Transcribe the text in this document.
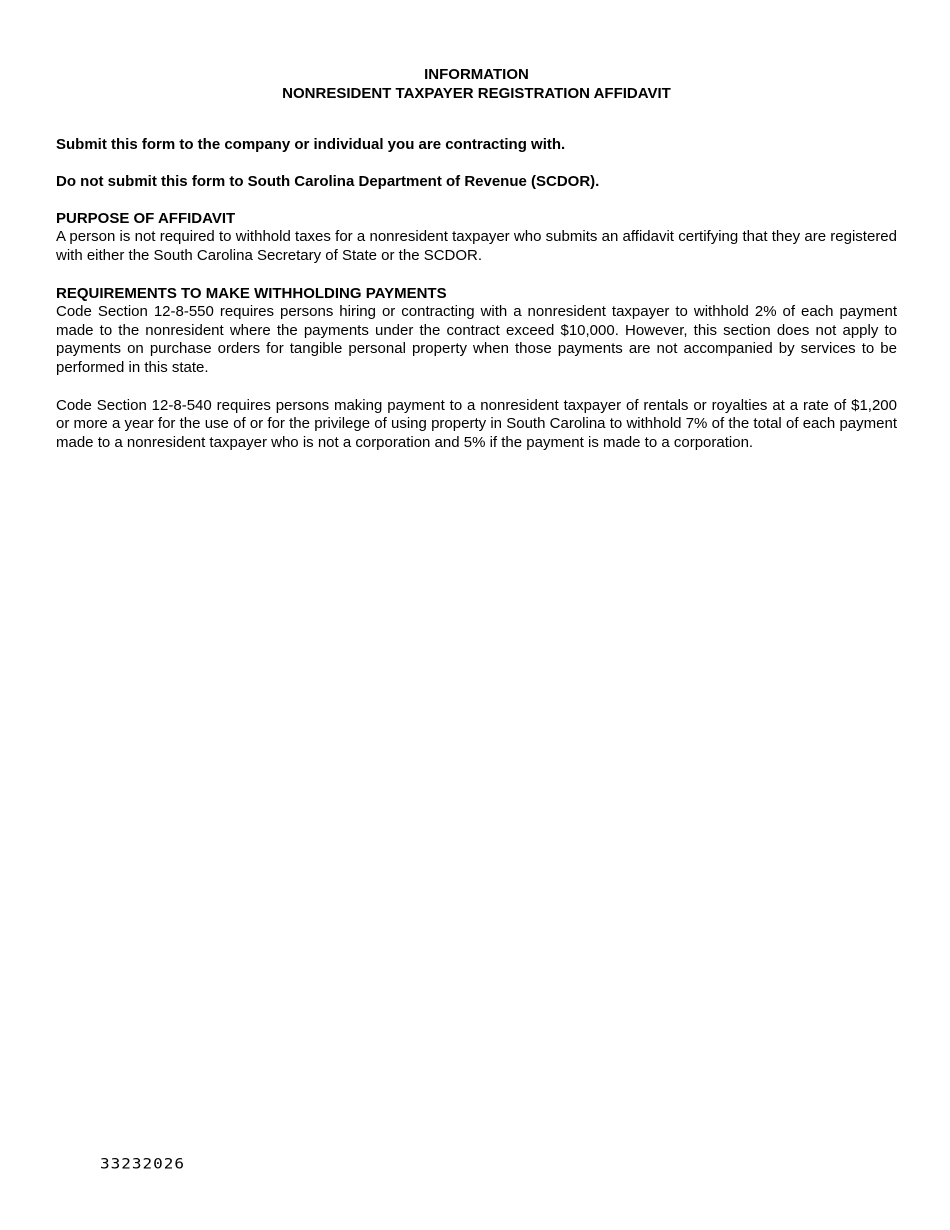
INFORMATION
NONRESIDENT TAXPAYER REGISTRATION AFFIDAVIT
Submit this form to the company or individual you are contracting with.
Do not submit this form to South Carolina Department of Revenue (SCDOR).
PURPOSE OF AFFIDAVIT
A person is not required to withhold taxes for a nonresident taxpayer who submits an affidavit certifying that they are registered with either the South Carolina Secretary of State or the SCDOR.
REQUIREMENTS TO MAKE WITHHOLDING PAYMENTS
Code Section 12-8-550 requires persons hiring or contracting with a nonresident taxpayer to withhold 2% of each payment made to the nonresident where the payments under the contract exceed $10,000. However, this section does not apply to payments on purchase orders for tangible personal property when those payments are not accompanied by services to be performed in this state.
Code Section 12-8-540 requires persons making payment to a nonresident taxpayer of rentals or royalties at a rate of $1,200 or more a year for the use of or for the privilege of using property in South Carolina to withhold 7% of the total of each payment made to a nonresident taxpayer who is not a corporation and 5% if the payment is made to a corporation.
33232026
